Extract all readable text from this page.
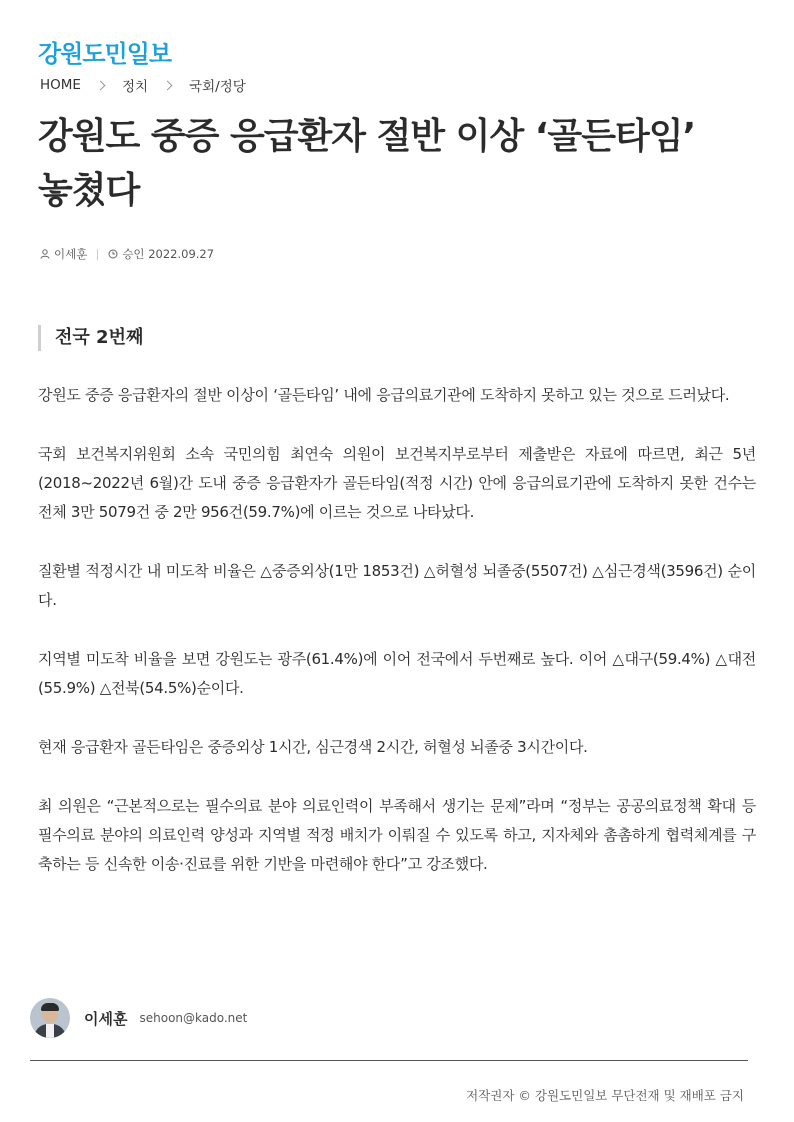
강원도민일보
HOME	정치	국회/정당
강원도 중증 응급환자 절반 이상 ‘골든타임’
놓쳤다
이세훈	승인
2022.09.27
전국 2번째

강원도 중증 응급환자의 절반 이상이 ‘골든타임’ 내에 응급의료기관에 도착하지 못하고 있는 것으로 드러났다.

국회 보건복지위원회 소속 국민의힘 최연숙 의원이 보건복지부로부터 제출받은 자료에 따르면, 최근 5년(2018~2022년 6월)간 도내 중증 응급환자가 골든타임(적정 시간) 안에 응급의료기관에 도착하지 못한 건수는 전체 3만 5079건 중 2만 956건(59.7%)에 이르는 것으로 나타났다.

질환별 적정시간 내 미도착 비율은 △중증외상(1만 1853건) △허혈성 뇌졸중(5507건) △심근경색(3596건) 순이다.

지역별 미도착 비율을 보면 강원도는 광주(61.4%)에 이어 전국에서 두번째로 높다. 이어 △대구(59.4%) △대전(55.9%) △전북(54.5%)순이다.

현재 응급환자 골든타임은 중증외상 1시간, 심근경색 2시간, 허혈성 뇌졸중 3시간이다.

최 의원은 “근본적으로는 필수의료 분야 의료인력이 부족해서 생기는 문제”라며 “정부는 공공의료정책 확대 등 필수의료 분야의 의료인력 양성과 지역별 적정 배치가 이뤄질 수 있도록 하고, 지자체와 촘촘하게 협력체계를 구축하는 등 신속한 이송·진료를 위한 기반을 마련해야 한다”고 강조했다.

이세훈 sehoon@kado.net
저작권자 © 강원도민일보 무단전재 및 재배포 금지
